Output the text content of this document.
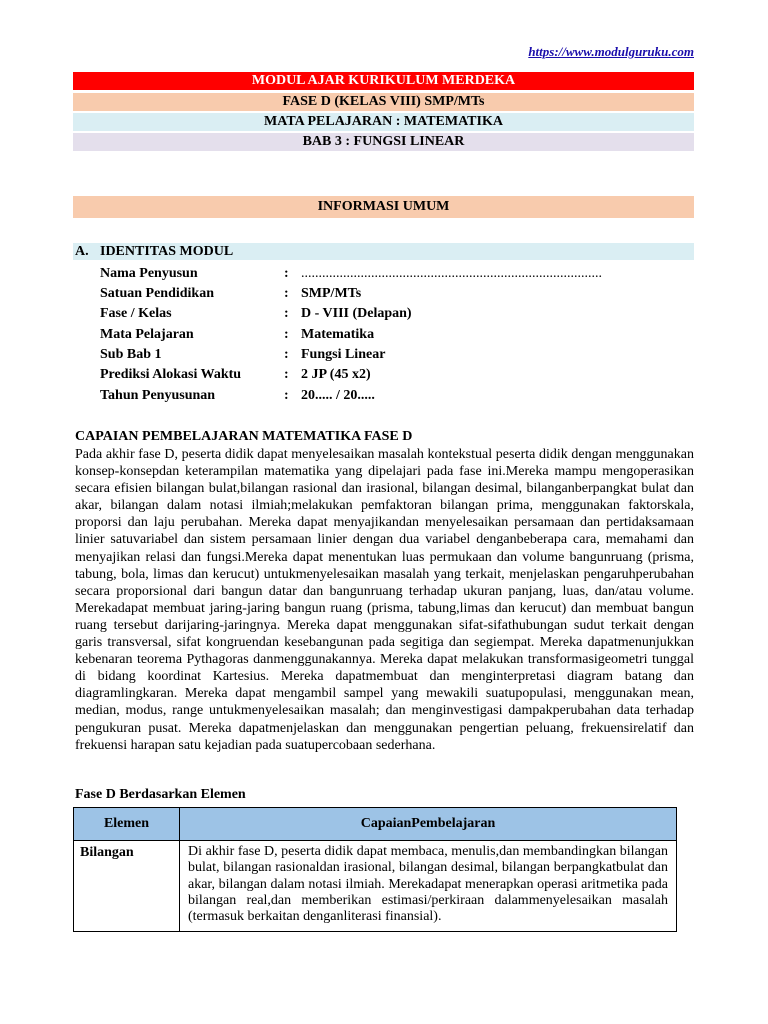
https://www.modulguruku.com
MODUL AJAR KURIKULUM MERDEKA
FASE D (KELAS VIII) SMP/MTs
MATA PELAJARAN : MATEMATIKA
BAB 3 : FUNGSI LINEAR
INFORMASI UMUM
A. IDENTITAS MODUL
Nama Penyusun	: ......................................................................................
Satuan Pendidikan	: SMP/MTs
Fase / Kelas	: D - VIII (Delapan)
Mata Pelajaran	: Matematika
Sub Bab 1	: Fungsi Linear
Prediksi Alokasi Waktu	: 2 JP (45 x2)
Tahun Penyusunan	: 20..... / 20.....
CAPAIAN PEMBELAJARAN MATEMATIKA FASE D
Pada akhir fase D, peserta didik dapat menyelesaikan masalah kontekstual peserta didik dengan menggunakan konsep-konsepdan keterampilan matematika yang dipelajari pada fase ini.Mereka mampu mengoperasikan secara efisien bilangan bulat,bilangan rasional dan irasional, bilangan desimal, bilanganberpangkat bulat dan akar, bilangan dalam notasi ilmiah;melakukan pemfaktoran bilangan prima, menggunakan faktorskala, proporsi dan laju perubahan. Mereka dapat menyajikandan menyelesaikan persamaan dan pertidaksamaan linier satuvariabel dan sistem persamaan linier dengan dua variabel denganbeberapa cara, memahami dan menyajikan relasi dan fungsi.Mereka dapat menentukan luas permukaan dan volume bangunruang (prisma, tabung, bola, limas dan kerucut) untukmenyelesaikan masalah yang terkait, menjelaskan pengaruhperubahan secara proporsional dari bangun datar dan bangunruang terhadap ukuran panjang, luas, dan/atau volume. Merekadapat membuat jaring-jaring bangun ruang (prisma, tabung,limas dan kerucut) dan membuat bangun ruang tersebut darijaring-jaringnya. Mereka dapat menggunakan sifat-sifathubungan sudut terkait dengan garis transversal, sifat kongruendan kesebangunan pada segitiga dan segiempat. Mereka dapatmenunjukkan kebenaran teorema Pythagoras danmenggunakannya. Mereka dapat melakukan transformasigeometri tunggal di bidang koordinat Kartesius. Mereka dapatmembuat dan menginterpretasi diagram batang dan diagramlingkaran. Mereka dapat mengambil sampel yang mewakili suatupopulasi, menggunakan mean, median, modus, range untukmenyelesaikan masalah; dan menginvestigasi dampakperubahan data terhadap pengukuran pusat. Mereka dapatmenjelaskan dan menggunakan pengertian peluang, frekuensirelatif dan frekuensi harapan satu kejadian pada suatupercobaan sederhana.
Fase D Berdasarkan Elemen
Elemen	CapaianPembelajaran
Bilangan	Di akhir fase D, peserta didik dapat membaca, menulis,dan membandingkan bilangan bulat, bilangan rasionaldan irasional, bilangan desimal, bilangan berpangkatbulat dan akar, bilangan dalam notasi ilmiah. Merekadapat menerapkan operasi aritmetika pada bilangan real,dan memberikan estimasi/perkiraan dalammenyelesaikan masalah (termasuk berkaitan denganliterasi finansial).
